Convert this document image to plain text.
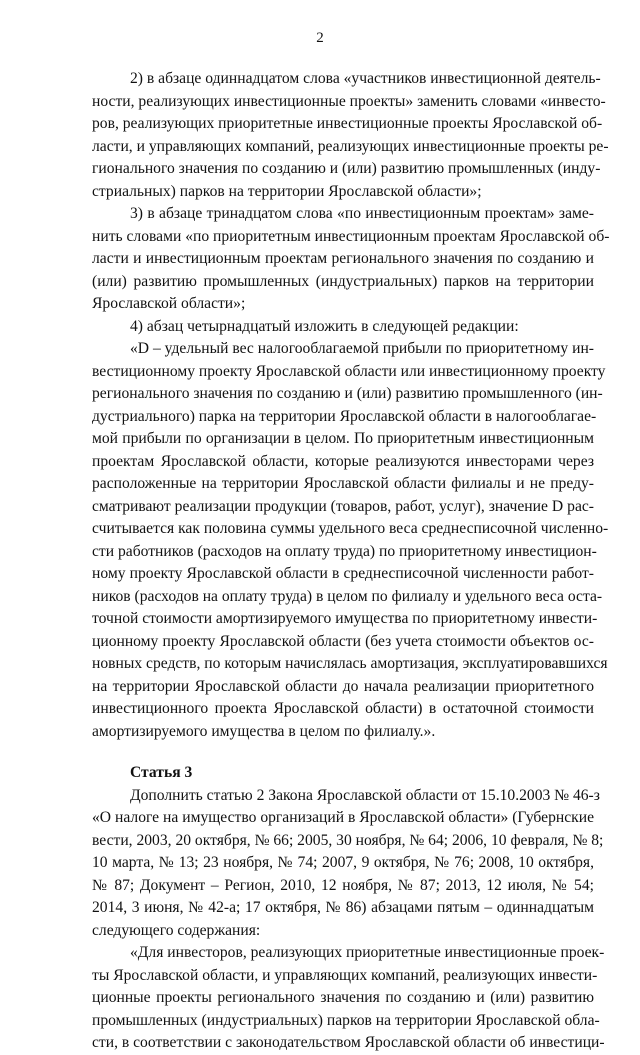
2
2) в абзаце одиннадцатом слова «участников инвестиционной деятель-
ности, реализующих инвестиционные проекты» заменить словами «инвесто-
ров, реализующих приоритетные инвестиционные проекты Ярославской об-
ласти, и управляющих компаний, реализующих инвестиционные проекты ре-
гионального значения по созданию и (или) развитию промышленных (инду-
стриальных) парков на территории Ярославской области»;
3) в абзаце тринадцатом слова «по инвестиционным проектам» заме-
нить словами «по приоритетным инвестиционным проектам Ярославской об-
ласти и инвестиционным проектам регионального значения по созданию и
(или) развитию промышленных (индустриальных) парков на территории
Ярославской области»;
4) абзац четырнадцатый изложить в следующей редакции:
«D – удельный вес налогооблагаемой прибыли по приоритетному ин-
вестиционному проекту Ярославской области или инвестиционному проекту
регионального значения по созданию и (или) развитию промышленного (ин-
дустриального) парка на территории Ярославской области в налогооблагае-
мой прибыли по организации в целом. По приоритетным инвестиционным
проектам Ярославской области, которые реализуются инвесторами через
расположенные на территории Ярославской области филиалы и не преду-
сматривают реализации продукции (товаров, работ, услуг), значение D рас-
считывается как половина суммы удельного веса среднесписочной численно-
сти работников (расходов на оплату труда) по приоритетному инвестицион-
ному проекту Ярославской области в среднесписочной численности работ-
ников (расходов на оплату труда) в целом по филиалу и удельного веса оста-
точной стоимости амортизируемого имущества по приоритетному инвести-
ционному проекту Ярославской области (без учета стоимости объектов ос-
новных средств, по которым начислялась амортизация, эксплуатировавшихся
на территории Ярославской области до начала реализации приоритетного
инвестиционного проекта Ярославской области) в остаточной стоимости
амортизируемого имущества в целом по филиалу.».
Статья 3
Дополнить статью 2 Закона Ярославской области от 15.10.2003 № 46-з
«О налоге на имущество организаций в Ярославской области» (Губернские
вести, 2003, 20 октября, № 66; 2005, 30 ноября, № 64; 2006, 10 февраля, № 8;
10 марта, № 13; 23 ноября, № 74; 2007, 9 октября, № 76; 2008, 10 октября,
№ 87; Документ – Регион, 2010, 12 ноября, № 87; 2013, 12 июля, № 54;
2014, 3 июня, № 42-а; 17 октября, № 86) абзацами пятым – одиннадцатым
следующего содержания:
«Для инвесторов, реализующих приоритетные инвестиционные проек-
ты Ярославской области, и управляющих компаний, реализующих инвести-
ционные проекты регионального значения по созданию и (или) развитию
промышленных (индустриальных) парков на территории Ярославской обла-
сти, в соответствии с законодательством Ярославской области об инвестици-
